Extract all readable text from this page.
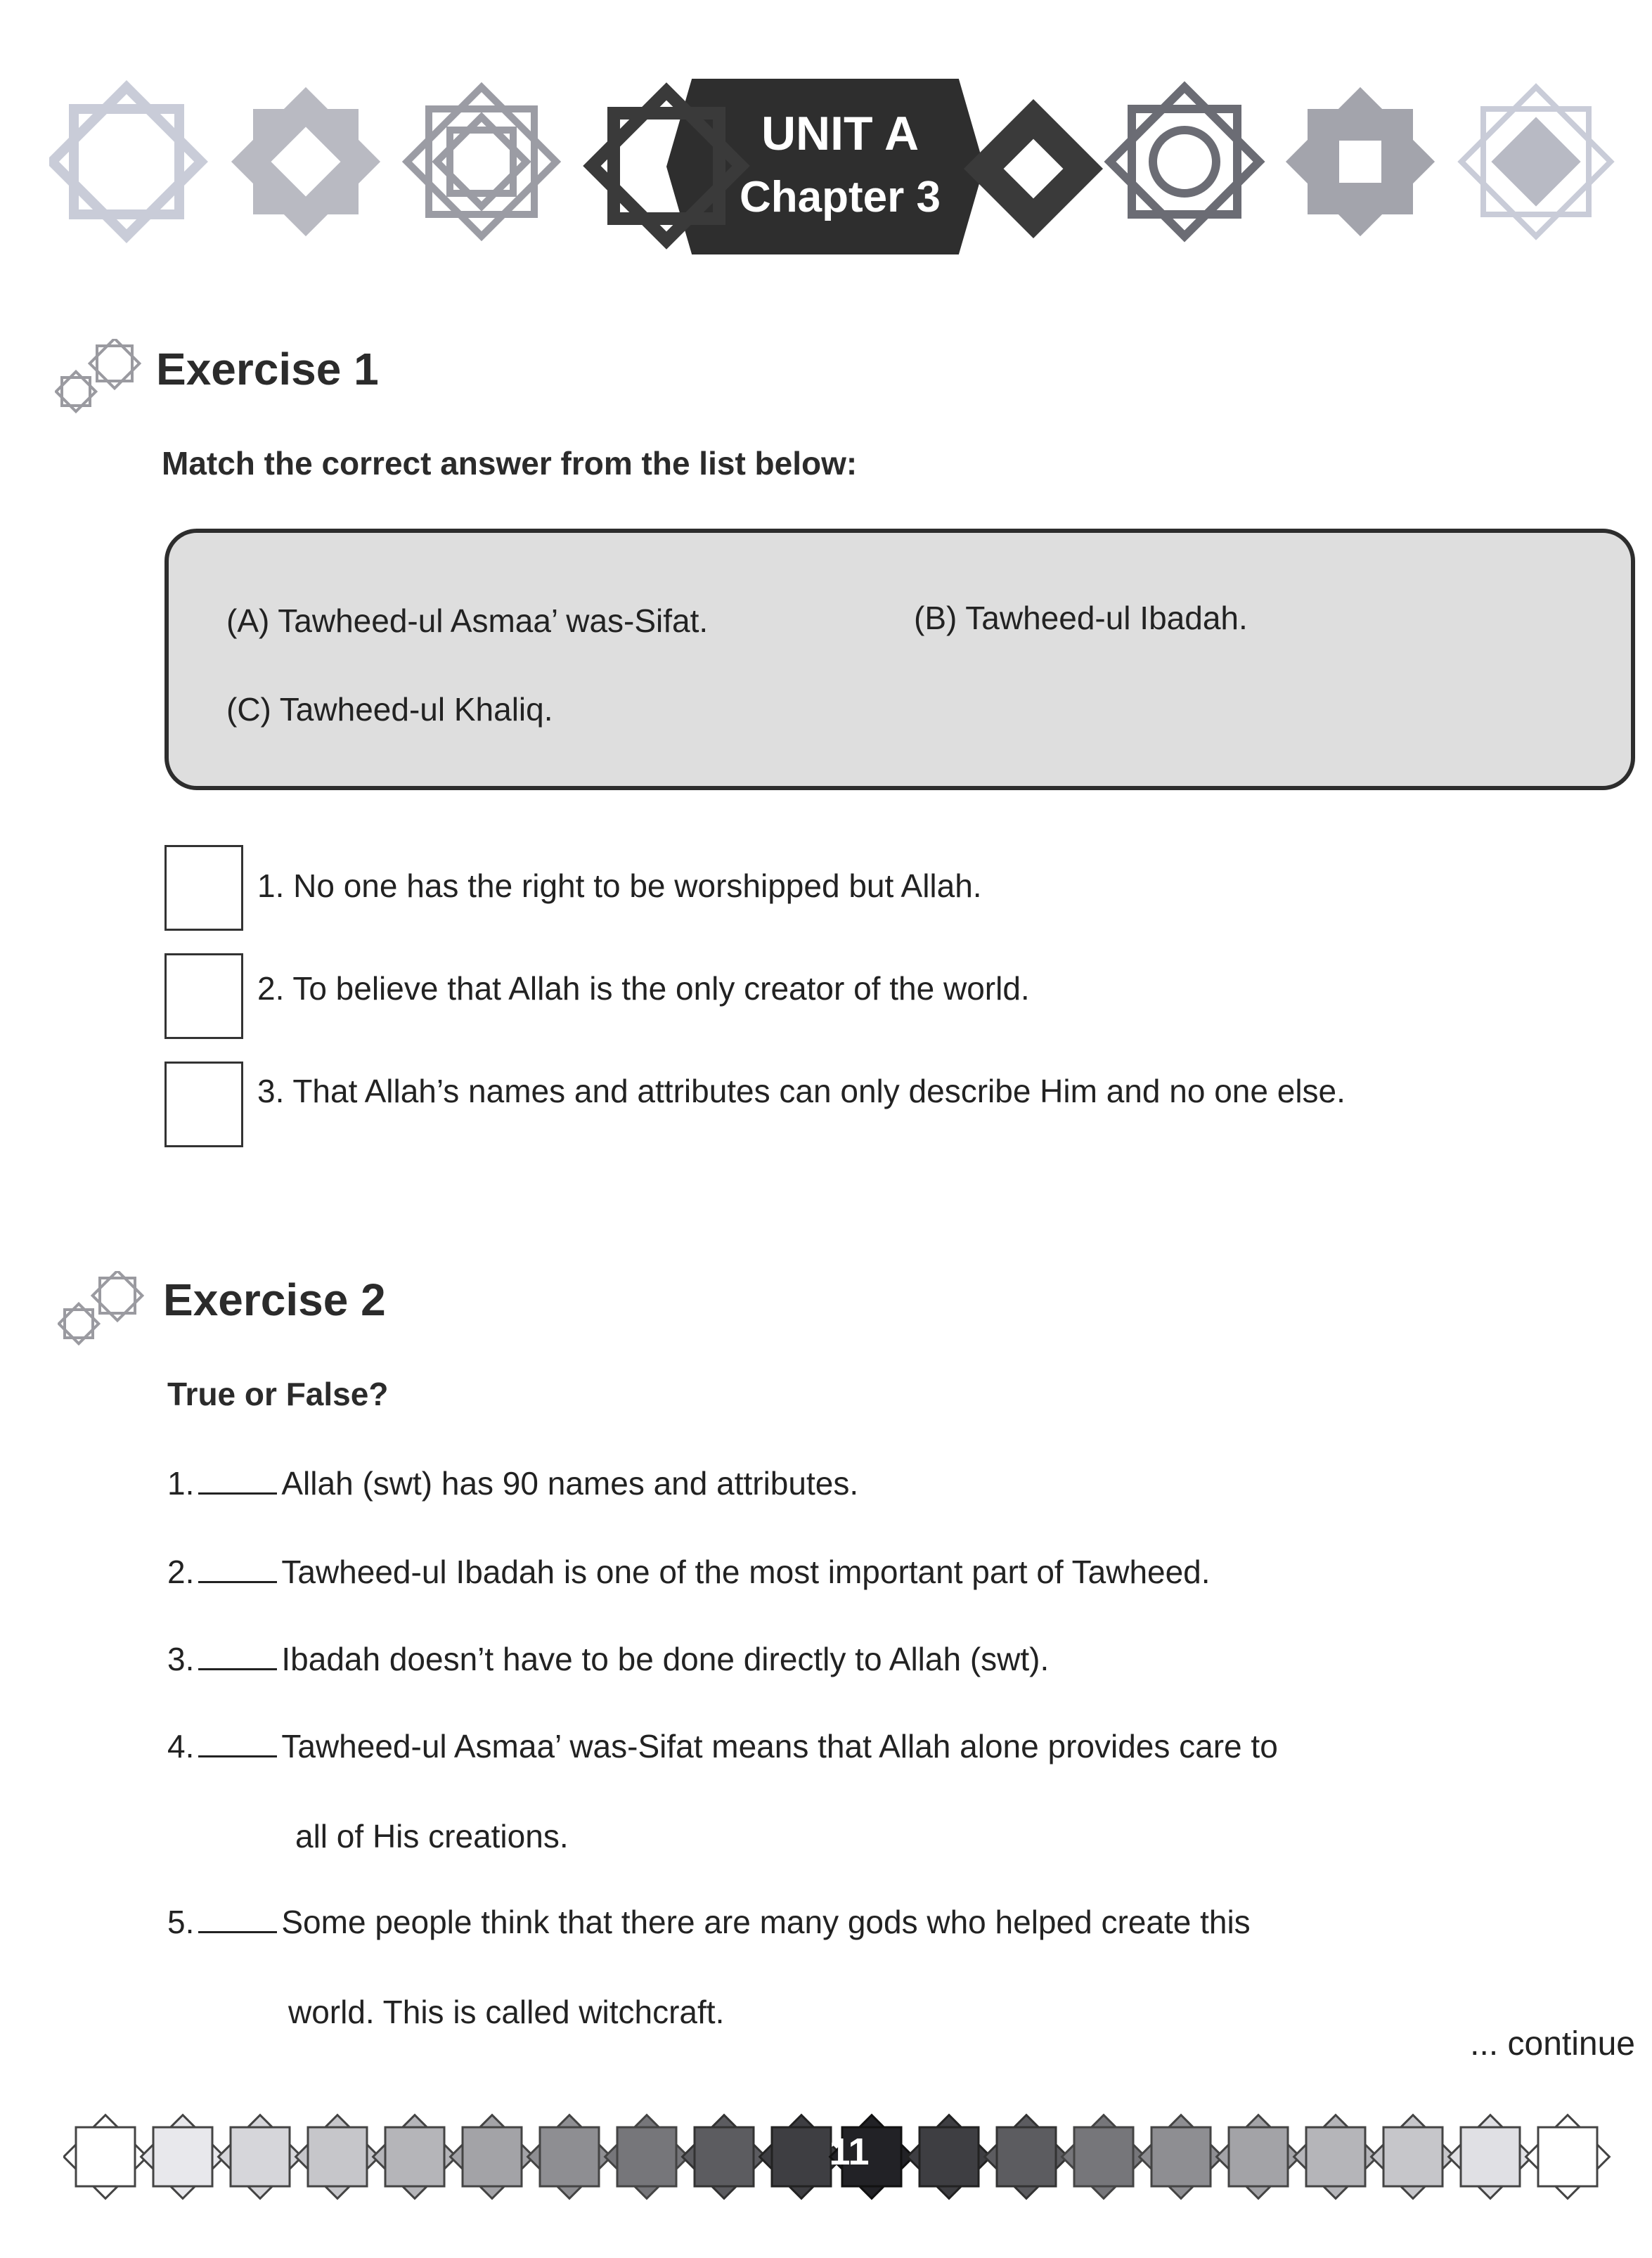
UNIT A
Chapter 3
Exercise 1
Match the correct answer from the list below:
(A) Tawheed-ul Asmaa’ was-Sifat.	(B) Tawheed-ul Ibadah.
(C) Tawheed-ul Khaliq.
1. No one has the right to be worshipped but Allah.
2. To believe that Allah is the only creator of the world.
3. That Allah’s names and attributes can only describe Him and no one else.
Exercise 2
True or False?
1.	Allah (swt) has 90 names and attributes.
2.	Tawheed-ul Ibadah is one of the most important part of Tawheed.
3.	Ibadah doesn’t have to be done directly to Allah (swt).
4.	Tawheed-ul Asmaa’ was-Sifat means that Allah alone provides care to
all of His creations.
5.	Some people think that there are many gods who helped create this
world. This is called witchcraft.
... continue
11
